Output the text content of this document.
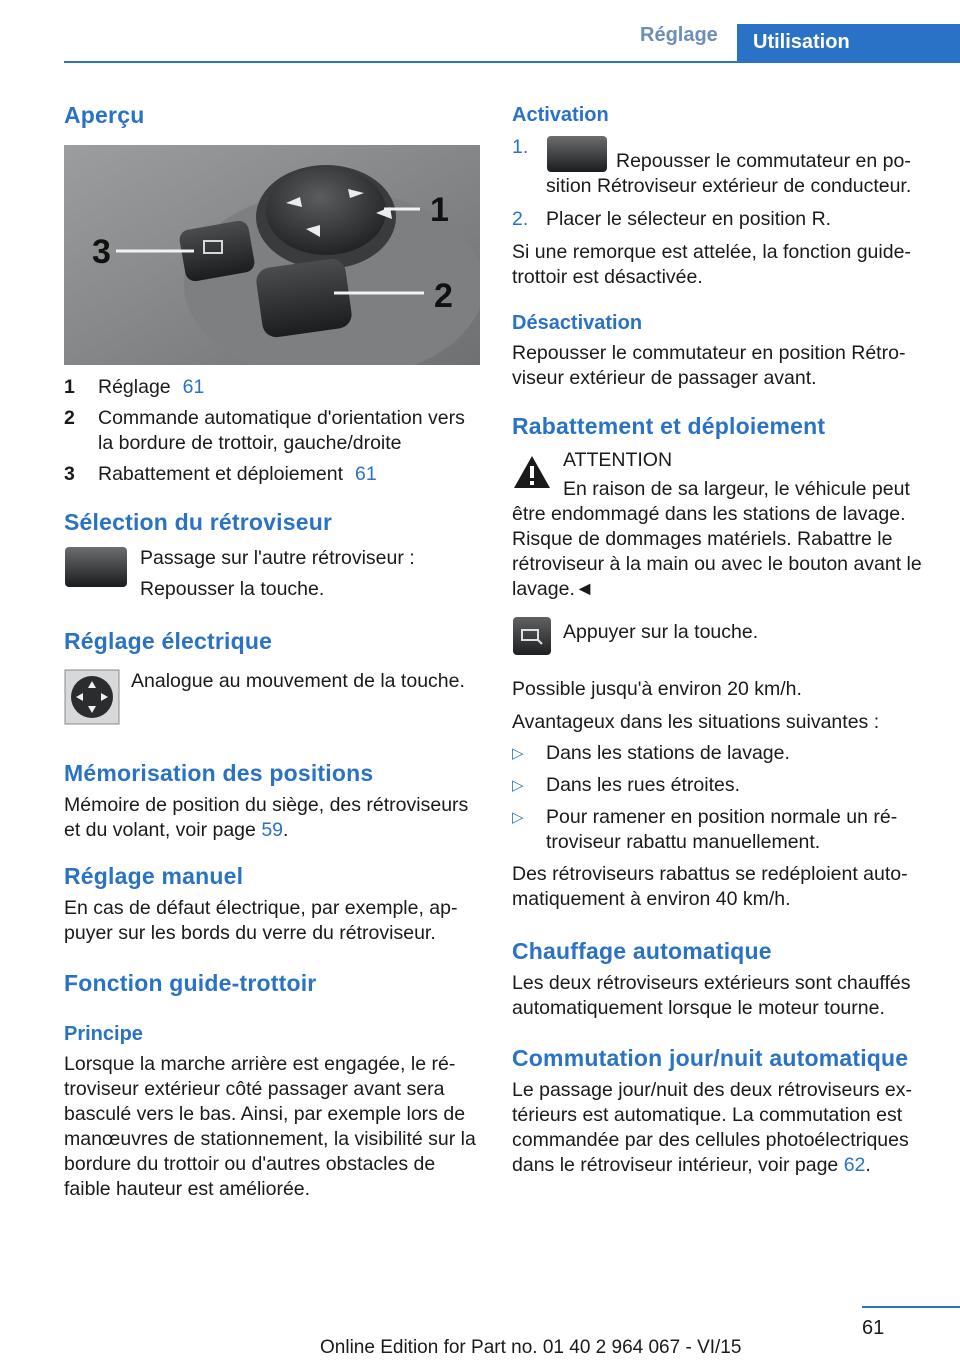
Réglage	Utilisation
Aperçu
3
1
2
1	Réglage 61
2	Commande automatique d'orientation vers la bordure de trottoir, gauche/droite
3	Rabattement et déploiement 61
Sélection du rétroviseur

Passage sur l'autre rétroviseur :

Repousser la touche.

Réglage électrique

Analogue au mouvement de la touche.

Mémorisation des positions

Mémoire de position du siège, des rétroviseurs et du volant, voir page 59.

Réglage manuel

En cas de défaut électrique, par exemple, appuyer sur les bords du verre du rétroviseur.

Fonction guide-trottoir
Principe

Lorsque la marche arrière est engagée, le rétroviseur extérieur côté passager avant sera basculé vers le bas. Ainsi, par exemple lors de manœuvres de stationnement, la visibilité sur la bordure du trottoir ou d'autres obstacles de faible hauteur est améliorée.

Activation
1.
Repousser le commutateur en position Rétroviseur extérieur de conducteur.
2. Placer le sélecteur en position R.

Si une remorque est attelée, la fonction guide-trottoir est désactivée.

Désactivation

Repousser le commutateur en position Rétroviseur extérieur de passager avant.

Rabattement et déploiement

ATTENTION

En raison de sa largeur, le véhicule peut

être endommagé dans les stations de lavage. Risque de dommages matériels. Rabattre le rétroviseur à la main ou avec le bouton avant le lavage.◄

Appuyer sur la touche.

Possible jusqu'à environ 20 km/h.

Avantageux dans les situations suivantes :

▷	Dans les stations de lavage.
▷	Dans les rues étroites.
▷	Pour ramener en position normale un rétroviseur rabattu manuellement.

Des rétroviseurs rabattus se redéploient automatiquement à environ 40 km/h.

Chauffage automatique

Les deux rétroviseurs extérieurs sont chauffés automatiquement lorsque le moteur tourne.

Commutation jour/nuit automatique

Le passage jour/nuit des deux rétroviseurs extérieurs est automatique. La commutation est commandée par des cellules photoélectriques dans le rétroviseur intérieur, voir page 62.

61
Online Edition for Part no. 01 40 2 964 067 - VI/15
